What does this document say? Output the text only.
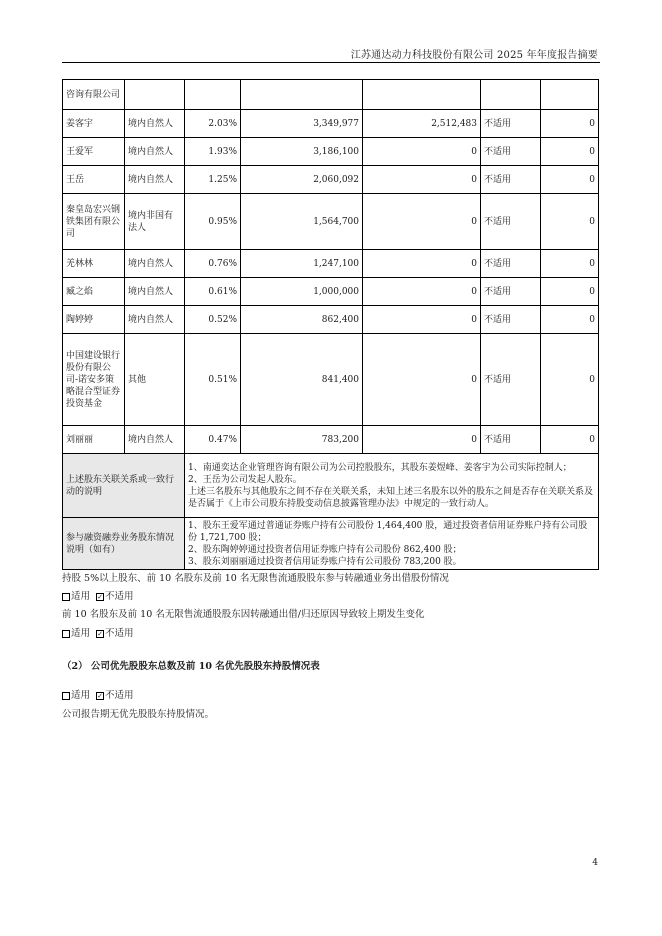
江苏通达动力科技股份有限公司 2025 年年度报告摘要
咨询有限公司						
姜客宇	境内自然人	2.03%	3,349,977	2,512,483	不适用	0
王爱军	境内自然人	1.93%	3,186,100	0	不适用	0
王岳	境内自然人	1.25%	2,060,092	0	不适用	0
秦皇岛宏兴钢铁集团有限公司	境内非国有法人	0.95%	1,564,700	0	不适用	0
羌林林	境内自然人	0.76%	1,247,100	0	不适用	0
臧之焰	境内自然人	0.61%	1,000,000	0	不适用	0
陶婷婷	境内自然人	0.52%	862,400	0	不适用	0
中国建设银行股份有限公司-诺安多策略混合型证券投资基金	其他	0.51%	841,400	0	不适用	0
刘丽丽	境内自然人	0.47%	783,200	0	不适用	0
上述股东关联关系或一致行动的说明		1、南通奕达企业管理咨询有限公司为公司控股股东，其股东姜煜峰、姜客宇为公司实际控制人；
2、王岳为公司发起人股东。
上述三名股东与其他股东之间不存在关联关系，未知上述三名股东以外的股东之间是否存在关联关系及是否属于《上市公司股东持股变动信息披露管理办法》中规定的一致行动人。				

参与融资融券业务股东情况说明（如有）		1、股东王爱军通过普通证券账户持有公司股份 1,464,400 股，通过投资者信用证券账户持有公司股份 1,721,700 股；
2、股东陶婷婷通过投资者信用证券账户持有公司股份 862,400 股；
3、股东刘丽丽通过投资者信用证券账户持有公司股份 783,200 股。				
持股 5%以上股东、前 10 名股东及前 10 名无限售流通股股东参与转融通业务出借股份情况
适用 ✓ 不适用
前 10 名股东及前 10 名无限售流通股股东因转融通出借/归还原因导致较上期发生变化
适用 ✓ 不适用
（2） 公司优先股股东总数及前 10 名优先股股东持股情况表
适用 ✓ 不适用
公司报告期无优先股股东持股情况。
4
